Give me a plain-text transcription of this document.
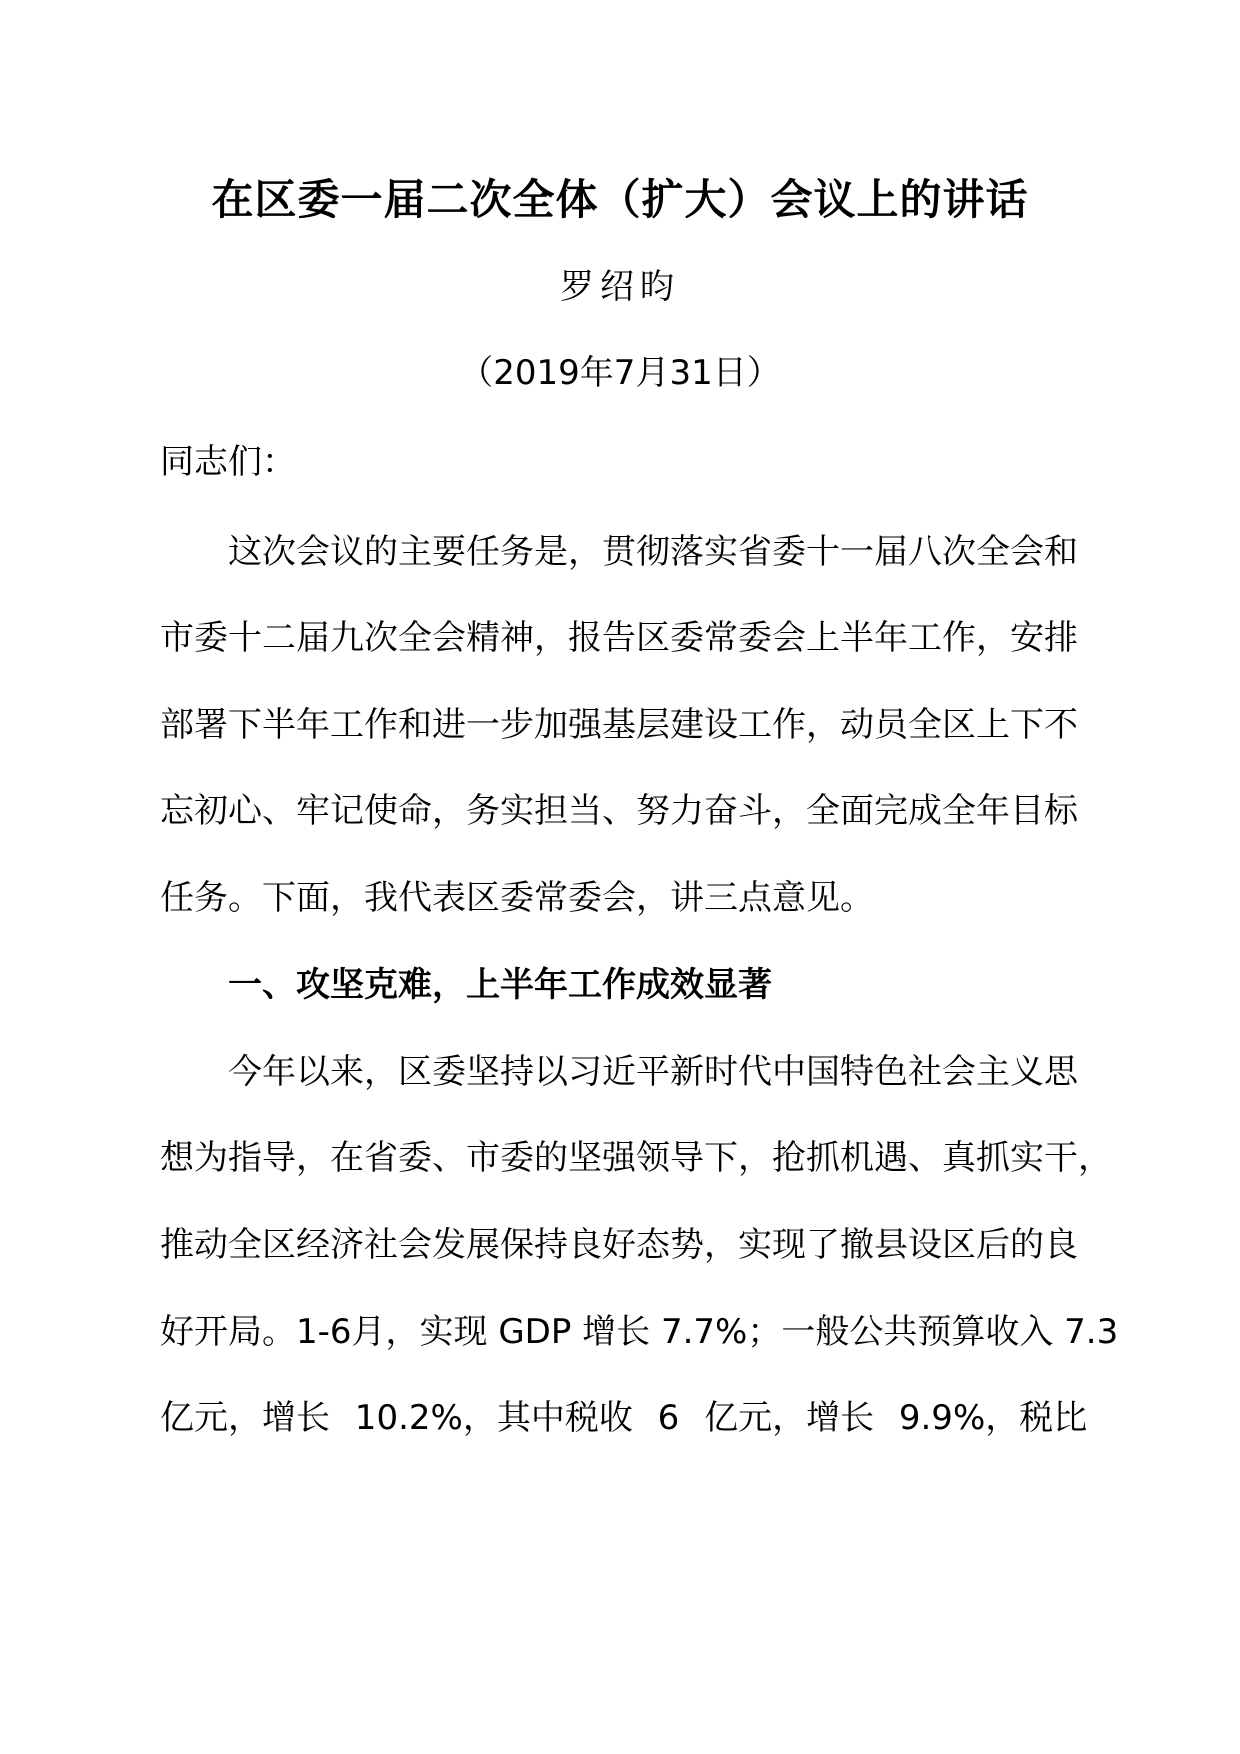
在区委一届二次全体（扩大）会议上的讲话
罗绍昀
（2019年7月31日）
同志们：
这次会议的主要任务是，贯彻落实省委十一届八次全会和
市委十二届九次全会精神，报告区委常委会上半年工作，安排
部署下半年工作和进一步加强基层建设工作，动员全区上下不
忘初心、牢记使命，务实担当、努力奋斗，全面完成全年目标
任务。下面，我代表区委常委会，讲三点意见。
一、攻坚克难，上半年工作成效显著
今年以来，区委坚持以习近平新时代中国特色社会主义思
想为指导，在省委、市委的坚强领导下，抢抓机遇、真抓实干，
推动全区经济社会发展保持良好态势，实现了撤县设区后的良
好开局。1-6月，实现 GDP 增长 7.7%；一般公共预算收入 7.3
亿元，增长 10.2%，其中税收 6 亿元，增长 9.9%，税比
